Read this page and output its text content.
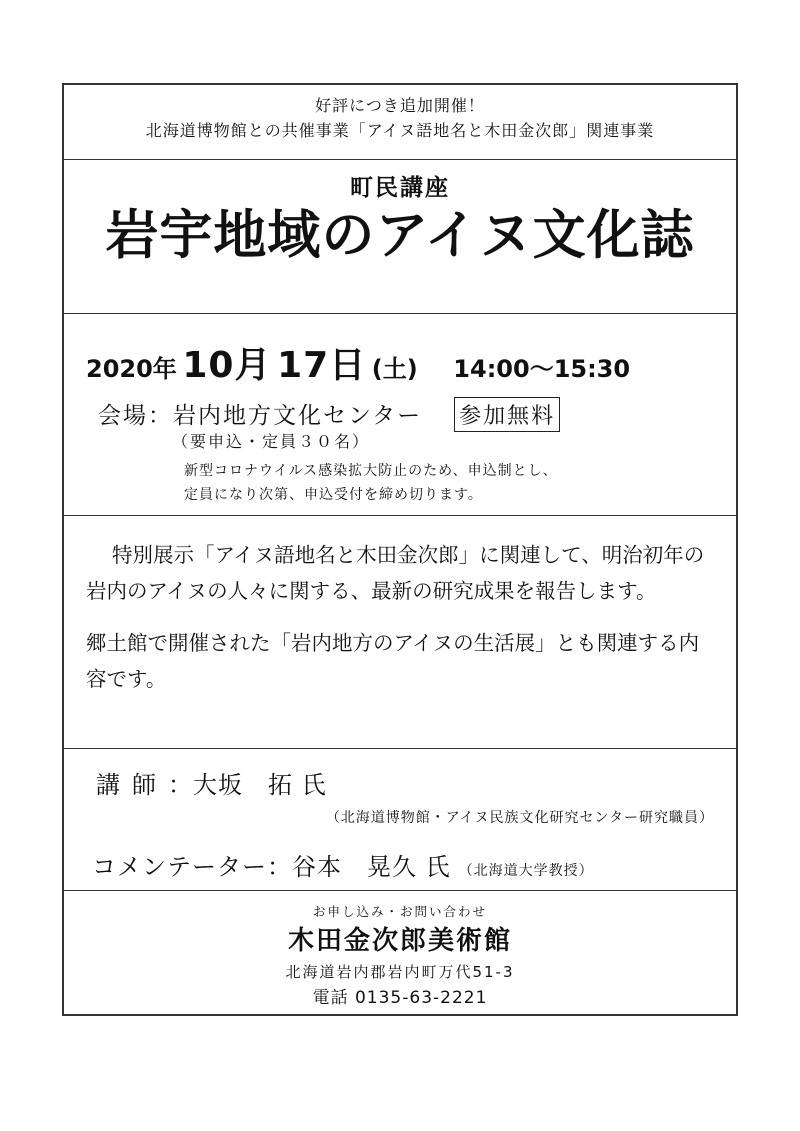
好評につき追加開催！
北海道博物館との共催事業「アイヌ語地名と木田金次郎」関連事業
町民講座
岩宇地域のアイヌ文化誌
2020年 10月 17日 (土) 14:00～15:30
会場：岩内地方文化センター 参加無料
（要申込・定員３０名）
新型コロナウイルス感染拡大防止のため、申込制とし、
定員になり次第、申込受付を締め切ります。

特別展示「アイヌ語地名と木田金次郎」に関連して、明治初年の岩内のアイヌの人々に関する、最新の研究成果を報告します。

郷土館で開催された「岩内地方のアイヌの生活展」とも関連する内容です。

講師：大坂　拓 氏
（北海道博物館・アイヌ民族文化研究センター研究職員）
コメンテーター：谷本　晃久 氏 （北海道大学教授）
お申し込み・お問い合わせ
木田金次郎美術館
北海道岩内郡岩内町万代51-3
電話 0135-63-2221
